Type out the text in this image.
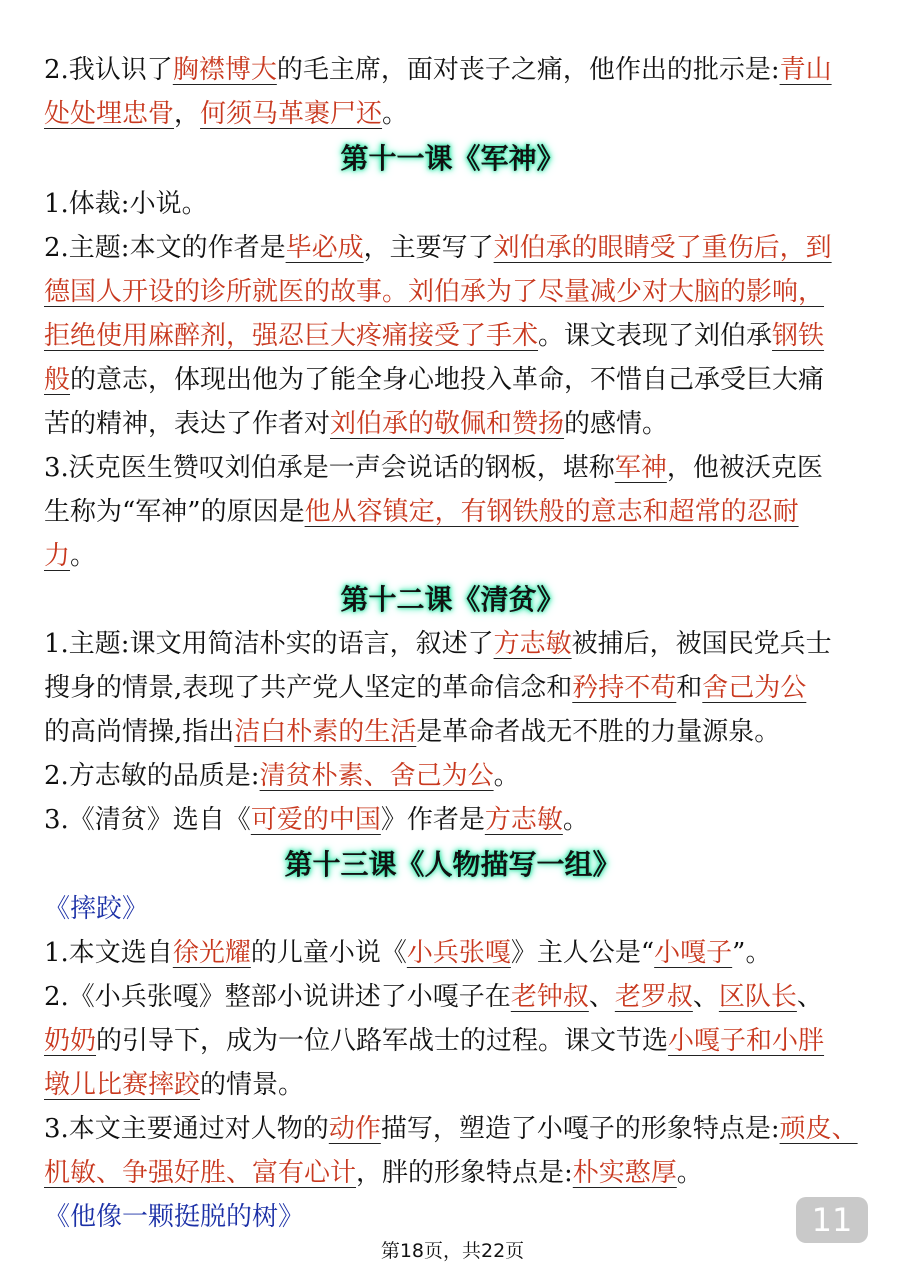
2.我认识了胸襟博大的毛主席，面对丧子之痛，他作出的批示是:青山
处处埋忠骨，何须马革裹尸还。
第十一课《军神》
1.体裁:小说。
2.主题:本文的作者是毕必成，主要写了刘伯承的眼睛受了重伤后，到
德国人开设的诊所就医的故事。刘伯承为了尽量减少对大脑的影响，
拒绝使用麻醉剂，强忍巨大疼痛接受了手术。课文表现了刘伯承钢铁
般的意志，体现出他为了能全身心地投入革命，不惜自己承受巨大痛
苦的精神，表达了作者对刘伯承的敬佩和赞扬的感情。
3.沃克医生赞叹刘伯承是一声会说话的钢板，堪称军神，他被沃克医
生称为“军神”的原因是他从容镇定，有钢铁般的意志和超常的忍耐
力。
第十二课《清贫》
1.主题:课文用简洁朴实的语言，叙述了方志敏被捕后，被国民党兵士
搜身的情景,表现了共产党人坚定的革命信念和矜持不苟和舍己为公
的高尚情操,指出洁白朴素的生活是革命者战无不胜的力量源泉。
2.方志敏的品质是:清贫朴素、舍己为公。
3.《清贫》选自《可爱的中国》作者是方志敏。
第十三课《人物描写一组》
《摔跤》
1.本文选自徐光耀的儿童小说《小兵张嘎》主人公是“小嘎子”。
2.《小兵张嘎》整部小说讲述了小嘎子在老钟叔、老罗叔、区队长、
奶奶的引导下，成为一位八路军战士的过程。课文节选小嘎子和小胖
墩儿比赛摔跤的情景。
3.本文主要通过对人物的动作描写，塑造了小嘎子的形象特点是:顽皮、
机敏、争强好胜、富有心计，胖的形象特点是:朴实憨厚。
《他像一颗挺脱的树》	11
第18页，共22页
